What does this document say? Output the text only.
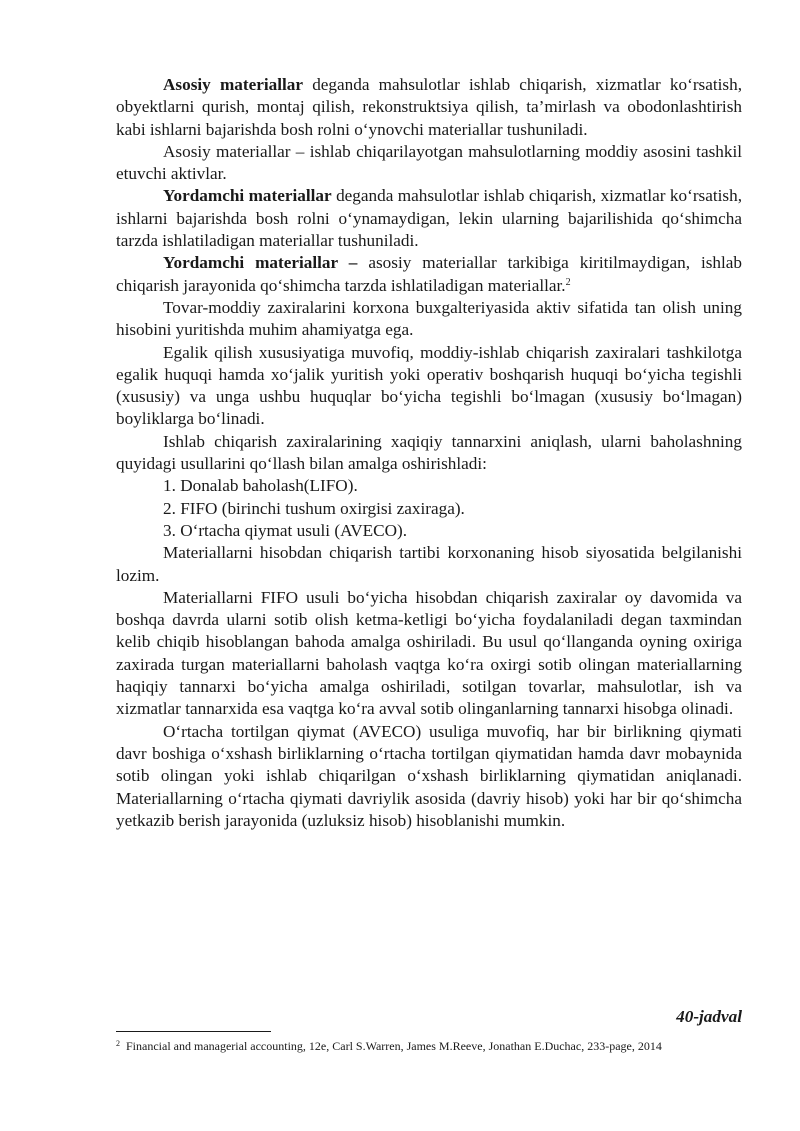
Asosiy materiallar deganda mahsulotlar ishlab chiqarish, xizmatlar ko‘rsatish, obyektlarni qurish, montaj qilish, rekonstruktsiya qilish, ta’mirlash va obodonlashtirish kabi ishlarni bajarishda bosh rolni o‘ynovchi materiallar tushuniladi.

Asosiy materiallar – ishlab chiqarilayotgan mahsulotlarning moddiy asosini tashkil etuvchi aktivlar.

Yordamchi materiallar deganda mahsulotlar ishlab chiqarish, xizmatlar ko‘rsatish, ishlarni bajarishda bosh rolni o‘ynamaydigan, lekin ularning bajarilishida qo‘shimcha tarzda ishlatiladigan materiallar tushuniladi.

Yordamchi materiallar – asosiy materiallar tarkibiga kiritilmaydigan, ishlab chiqarish jarayonida qo‘shimcha tarzda ishlatiladigan materiallar.$^2$

Tovar-moddiy zaxiralarini korxona buxgalteriyasida aktiv sifatida tan olish uning hisobini yuritishda muhim ahamiyatga ega.

Egalik qilish xususiyatiga muvofiq, moddiy-ishlab chiqarish zaxiralari tashkilotga egalik huquqi hamda xo‘jalik yuritish yoki operativ boshqarish huquqi bo‘yicha tegishli (xususiy) va unga ushbu huquqlar bo‘yicha tegishli bo‘lmagan (xususiy bo‘lmagan) boyliklarga bo‘linadi.

Ishlab chiqarish zaxiralarining xaqiqiy tannarxini aniqlash, ularni baholashning quyidagi usullarini qo‘llash bilan amalga oshirishladi:

1. Donalab baholash(LIFO).

2. FIFO (birinchi tushum oxirgisi zaxiraga).

3. O‘rtacha qiymat usuli (AVECO).

Materiallarni hisobdan chiqarish tartibi korxonaning hisob siyosatida belgilanishi lozim.

Materiallarni FIFO usuli bo‘yicha hisobdan chiqarish zaxiralar oy davomida va boshqa davrda ularni sotib olish ketma-ketligi bo‘yicha foydalaniladi degan taxmindan kelib chiqib hisoblangan bahoda amalga oshiriladi. Bu usul qo‘llanganda oyning oxiriga zaxirada turgan materiallarni baholash vaqtga ko‘ra oxirgi sotib olingan materiallarning haqiqiy tannarxi bo‘yicha amalga oshiriladi, sotilgan tovarlar, mahsulotlar, ish va xizmatlar tannarxida esa vaqtga ko‘ra avval sotib olinganlarning tannarxi hisobga olinadi.

O‘rtacha tortilgan qiymat (AVECO) usuliga muvofiq, har bir birlikning qiymati davr boshiga o‘xshash birliklarning o‘rtacha tortilgan qiymatidan hamda davr mobaynida sotib olingan yoki ishlab chiqarilgan o‘xshash birliklarning qiymatidan aniqlanadi. Materiallarning o‘rtacha qiymati davriylik asosida (davriy hisob) yoki har bir qo‘shimcha yetkazib berish jarayonida (uzluksiz hisob) hisoblanishi mumkin.

40-jadval
$^2$ Financial and managerial accounting, 12e, Carl S.Warren, James M.Reeve, Jonathan E.Duchac, 233-page, 2014
